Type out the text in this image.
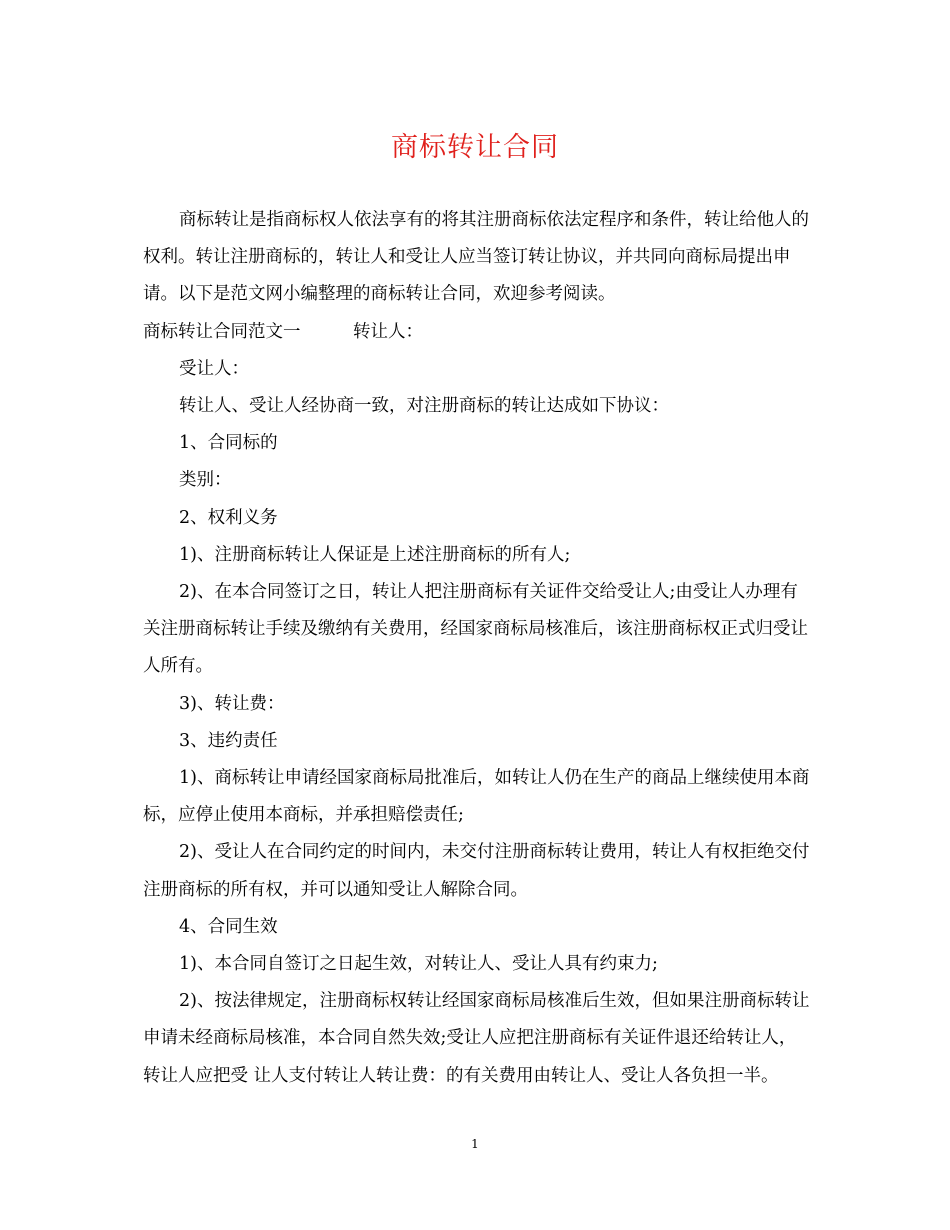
商标转让合同

商标转让是指商标权人依法享有的将其注册商标依法定程序和条件，转让给他人的权利。转让注册商标的，转让人和受让人应当签订转让协议，并共同向商标局提出申请。以下是范文网小编整理的商标转让合同，欢迎参考阅读。

商标转让合同范文一　　　转让人：

受让人：

转让人、受让人经协商一致，对注册商标的转让达成如下协议：

1、合同标的

类别：

2、权利义务

1)、注册商标转让人保证是上述注册商标的所有人;

2)、在本合同签订之日，转让人把注册商标有关证件交给受让人;由受让人办理有关注册商标转让手续及缴纳有关费用，经国家商标局核准后，该注册商标权正式归受让人所有。

3)、转让费：

3、违约责任

1)、商标转让申请经国家商标局批准后，如转让人仍在生产的商品上继续使用本商标，应停止使用本商标，并承担赔偿责任;

2)、受让人在合同约定的时间内，未交付注册商标转让费用，转让人有权拒绝交付注册商标的所有权，并可以通知受让人解除合同。

4、合同生效

1)、本合同自签订之日起生效，对转让人、受让人具有约束力;

2)、按法律规定，注册商标权转让经国家商标局核准后生效，但如果注册商标转让申请未经商标局核准，本合同自然失效;受让人应把注册商标有关证件退还给转让人，转让人应把受 让人支付转让人转让费：的有关费用由转让人、受让人各负担一半。

1
